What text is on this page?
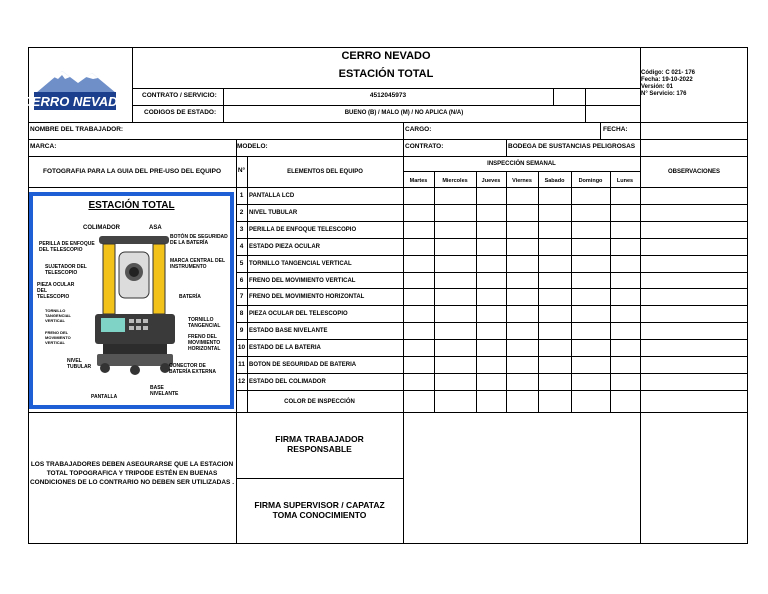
CERRO NEVADO
CERRO NEVADO
ESTACIÓN TOTAL
CONTRATO / SERVICIO:	4512045973
CODIGOS DE ESTADO:	BUENO (B) / MALO (M) / NO APLICA (N/A)
Código: C 021- 176
Fecha: 19-10-2022
Versión: 01
N° Servicio: 176
NOMBRE DEL TRABAJADOR:	CARGO:	FECHA:
MARCA:	MODELO:	CONTRATO:	BODEGA DE SUSTANCIAS PELIGROSAS
FOTOGRAFIA PARA LA GUIA DEL PRE-USO DEL EQUIPO	N°	ELEMENTOS DEL EQUIPO
INSPECCIÓN SEMANAL
OBSERVACIONES
Martes	Miercoles	Jueves	Viernes	Sabado	Domingo	Lunes
1 PANTALLA LCD
2 NIVEL TUBULAR
3 PERILLA DE ENFOQUE TELESCOPIO
4 ESTADO PIEZA OCULAR
5 TORNILLO TANGENCIAL VERTICAL
6 FRENO DEL MOVIMIENTO VERTICAL
7 FRENO DEL MOVIMIENTO HORIZONTAL
8 PIEZA OCULAR DEL TELESCOPIO
9 ESTADO BASE NIVELANTE
10 ESTADO DE LA BATERIA
11 BOTON DE SEGURIDAD DE BATERIA
12 ESTADO DEL COLIMADOR
COLOR DE INSPECCIÓN
ESTACIÓN TOTAL
COLIMADOR	ASA
BOTÓN DE SEGURIDAD DE LA BATERÍA
PERILLA DE ENFOQUE DEL TELESCOPIO
MARCA CENTRAL DEL INSTRUMENTO
SUJETADOR DEL TELESCOPIO
PIEZA OCULAR DEL TELESCOPIO	BATERÍA
TORNILLO TANGENCIAL VERTICAL	TORNILLO TANGENCIAL
FRENO DEL MOVIMIENTO VERTICAL
FRENO DEL MOVIMIENTO HORIZONTAL
NIVEL TUBULAR	CONECTOR DE BATERÍA EXTERNA
PANTALLA
BASE NIVELANTE
LOS TRABAJADORES DEBEN ASEGURARSE QUE LA ESTACION TOTAL TOPOGRAFICA Y TRIPODE ESTÉN EN BUENAS CONDICIONES DE LO CONTRARIO NO DEBEN SER UTILIZADAS .
FIRMA TRABAJADOR RESPONSABLE
FIRMA SUPERVISOR / CAPATAZ TOMA CONOCIMIENTO
